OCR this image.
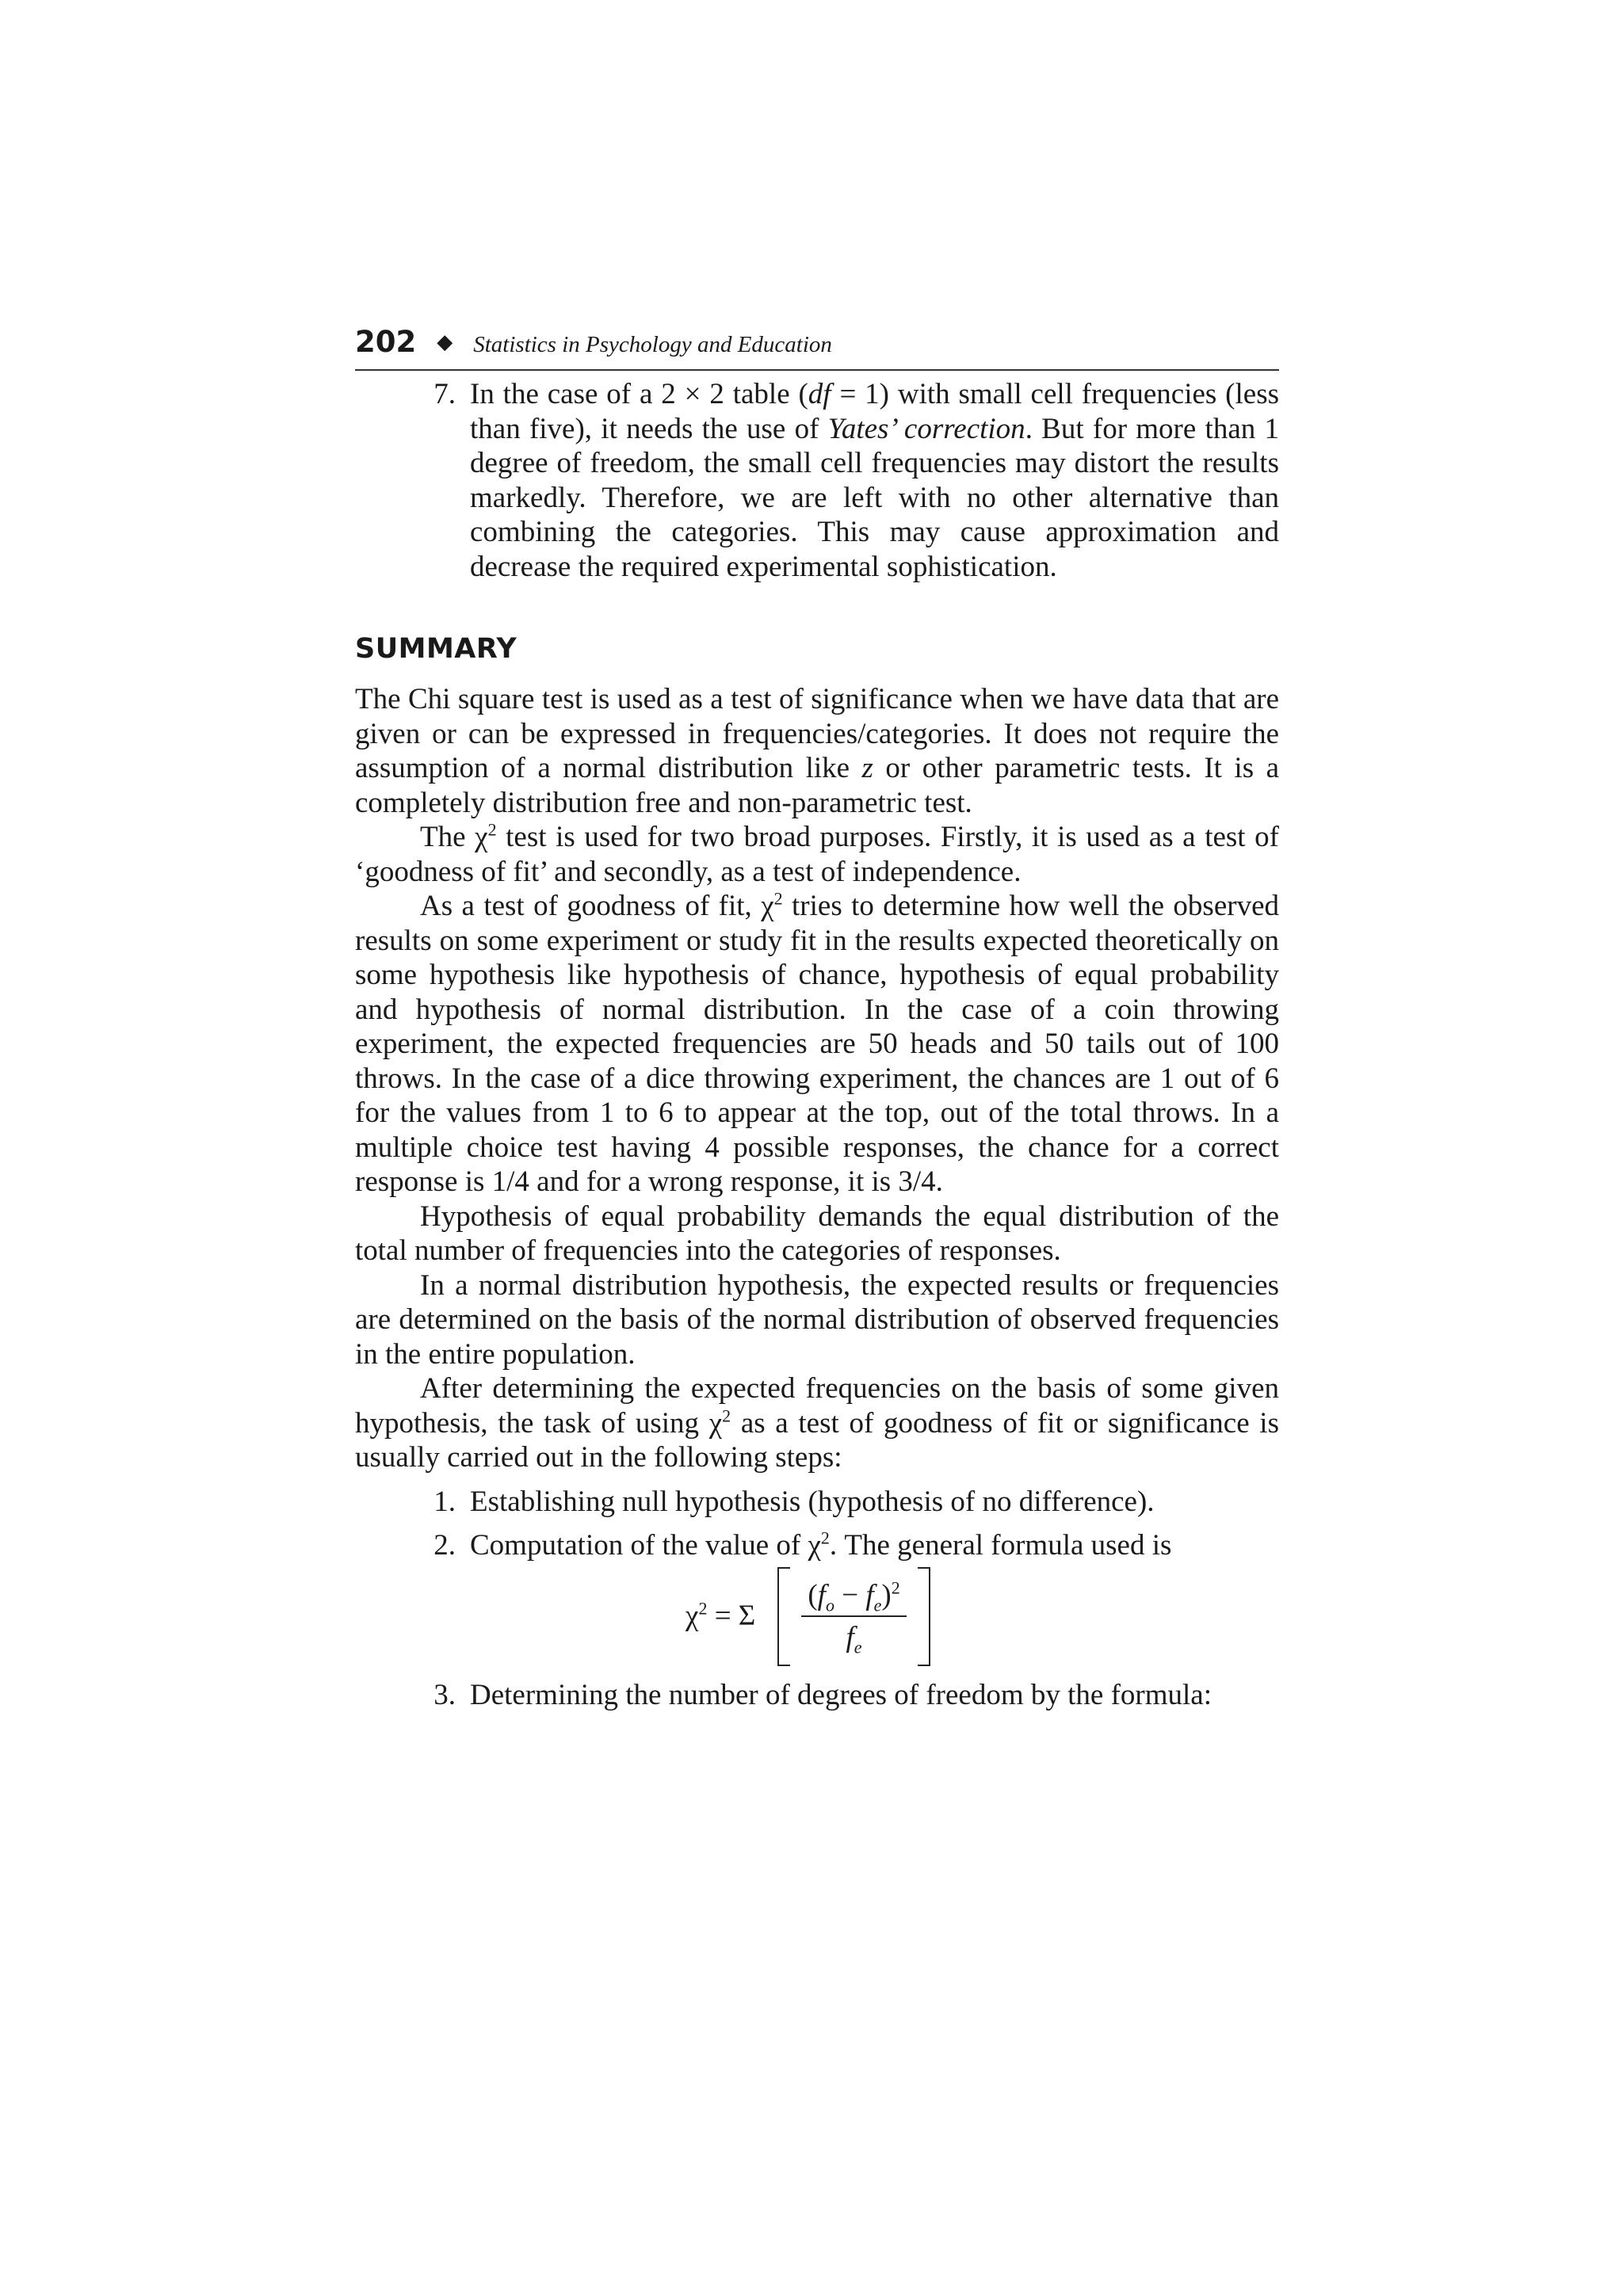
202 ◆ Statistics in Psychology and Education
7. In the case of a 2 × 2 table (df = 1) with small cell frequencies (less than five), it needs the use of Yates’ correction. But for more than 1 degree of freedom, the small cell frequencies may distort the results markedly. Therefore, we are left with no other alternative than combining the categories. This may cause approximation and decrease the required experimental sophistication.
SUMMARY

The Chi square test is used as a test of significance when we have data that are given or can be expressed in frequencies/categories. It does not require the assumption of a normal distribution like z or other parametric tests. It is a completely distribution free and non-parametric test.

The $\chi^2$ test is used for two broad purposes. Firstly, it is used as a test of ‘goodness of fit’ and secondly, as a test of independence.

As a test of goodness of fit, $\chi^2$ tries to determine how well the observed results on some experiment or study fit in the results expected theoretically on some hypothesis like hypothesis of chance, hypothesis of equal probability and hypothesis of normal distribution. In the case of a coin throwing experiment, the expected frequencies are 50 heads and 50 tails out of 100 throws. In the case of a dice throwing experiment, the chances are 1 out of 6 for the values from 1 to 6 to appear at the top, out of the total throws. In a multiple choice test having 4 possible responses, the chance for a correct response is 1/4 and for a wrong response, it is 3/4.

Hypothesis of equal probability demands the equal distribution of the total number of frequencies into the categories of responses.

In a normal distribution hypothesis, the expected results or frequencies are determined on the basis of the normal distribution of observed frequencies in the entire population.

After determining the expected frequencies on the basis of some given hypothesis, the task of using $\chi^2$ as a test of goodness of fit or significance is usually carried out in the following steps:

1. Establishing null hypothesis (hypothesis of no difference).
2. Computation of the value of $\chi^2$. The general formula used is
$\chi^2 = \Sigma \frac{(f_o - f_e)^2}{f_e}$
3. Determining the number of degrees of freedom by the formula:
